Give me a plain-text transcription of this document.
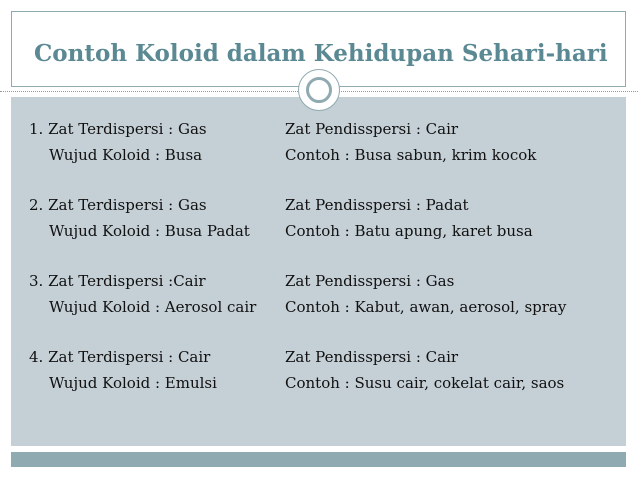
Contoh Koloid dalam Kehidupan Sehari-hari
1. Zat Terdispersi : Gas
Wujud Koloid : Busa
Zat Pendisspersi : Cair
Contoh : Busa sabun, krim kocok
2. Zat Terdispersi : Gas
Wujud Koloid : Busa Padat
Zat Pendisspersi : Padat
Contoh : Batu apung, karet busa
3. Zat Terdispersi :Cair
Wujud Koloid : Aerosol cair
Zat Pendisspersi : Gas
Contoh : Kabut, awan, aerosol, spray
4. Zat Terdispersi : Cair
Wujud Koloid : Emulsi
Zat Pendisspersi : Cair
Contoh : Susu cair, cokelat cair, saos
